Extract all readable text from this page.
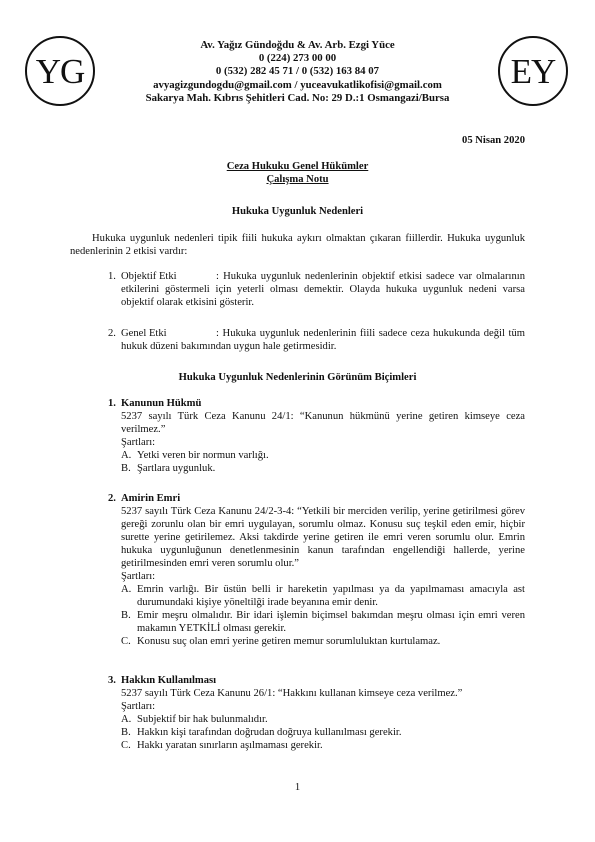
YG	EY
Av. Yağız Gündoğdu & Av. Arb. Ezgi Yüce
0 (224) 273 00 00
0 (532) 282 45 71 / 0 (532) 163 84 07
avyagizgundogdu@gmail.com / yuceavukatlikofisi@gmail.com
Sakarya Mah. Kıbrıs Şehitleri Cad. No: 29 D.:1 Osmangazi/Bursa
05 Nisan 2020
Ceza Hukuku Genel Hükümler
Çalışma Notu
Hukuka Uygunluk Nedenleri
Hukuka uygunluk nedenleri tipik fiili hukuka aykırı olmaktan çıkaran fiillerdir. Hukuka uygunluk nedenlerinin 2 etkisi vardır:
1. Objektif Etki	: Hukuka uygunluk nedenlerinin objektif etkisi sadece var olmalarının etkilerini göstermeli için yeterli olması demektir. Olayda hukuka uygunluk nedeni varsa objektif olarak etkisini gösterir.
2. Genel Etki	: Hukuka uygunluk nedenlerinin fiili sadece ceza hukukunda değil tüm hukuk düzeni bakımından uygun hale getirmesidir.
Hukuka Uygunluk Nedenlerinin Görünüm Biçimleri
1. Kanunun Hükmü
5237 sayılı Türk Ceza Kanunu 24/1: “Kanunun hükmünü yerine getiren kimseye ceza verilmez.”
Şartları:
A. Yetki veren bir normun varlığı.
B. Şartlara uygunluk.
2. Amirin Emri
5237 sayılı Türk Ceza Kanunu 24/2-3-4: “Yetkili bir merciden verilip, yerine getirilmesi görev gereği zorunlu olan bir emri uygulayan, sorumlu olmaz. Konusu suç teşkil eden emir, hiçbir surette yerine getirilemez. Aksi takdirde yerine getiren ile emri veren sorumlu olur. Emrin hukuka uygunluğunun denetlenmesinin kanun tarafından engellendiği hallerde, yerine getirilmesinden emri veren sorumlu olur.”
Şartları:
A. Emrin varlığı. Bir üstün belli ir hareketin yapılması ya da yapılmaması amacıyla ast durumundaki kişiye yöneltilği irade beyanına emir denir.
B. Emir meşru olmalıdır. Bir idari işlemin biçimsel bakımdan meşru olması için emri veren makamın YETKİLİ olması gerekir.
C. Konusu suç olan emri yerine getiren memur sorumluluktan kurtulamaz.
3. Hakkın Kullanılması
5237 sayılı Türk Ceza Kanunu 26/1: “Hakkını kullanan kimseye ceza verilmez.”
Şartları:
A. Subjektif bir hak bulunmalıdır.
B. Hakkın kişi tarafından doğrudan doğruya kullanılması gerekir.
C. Hakkı yaratan sınırların aşılmaması gerekir.
1
